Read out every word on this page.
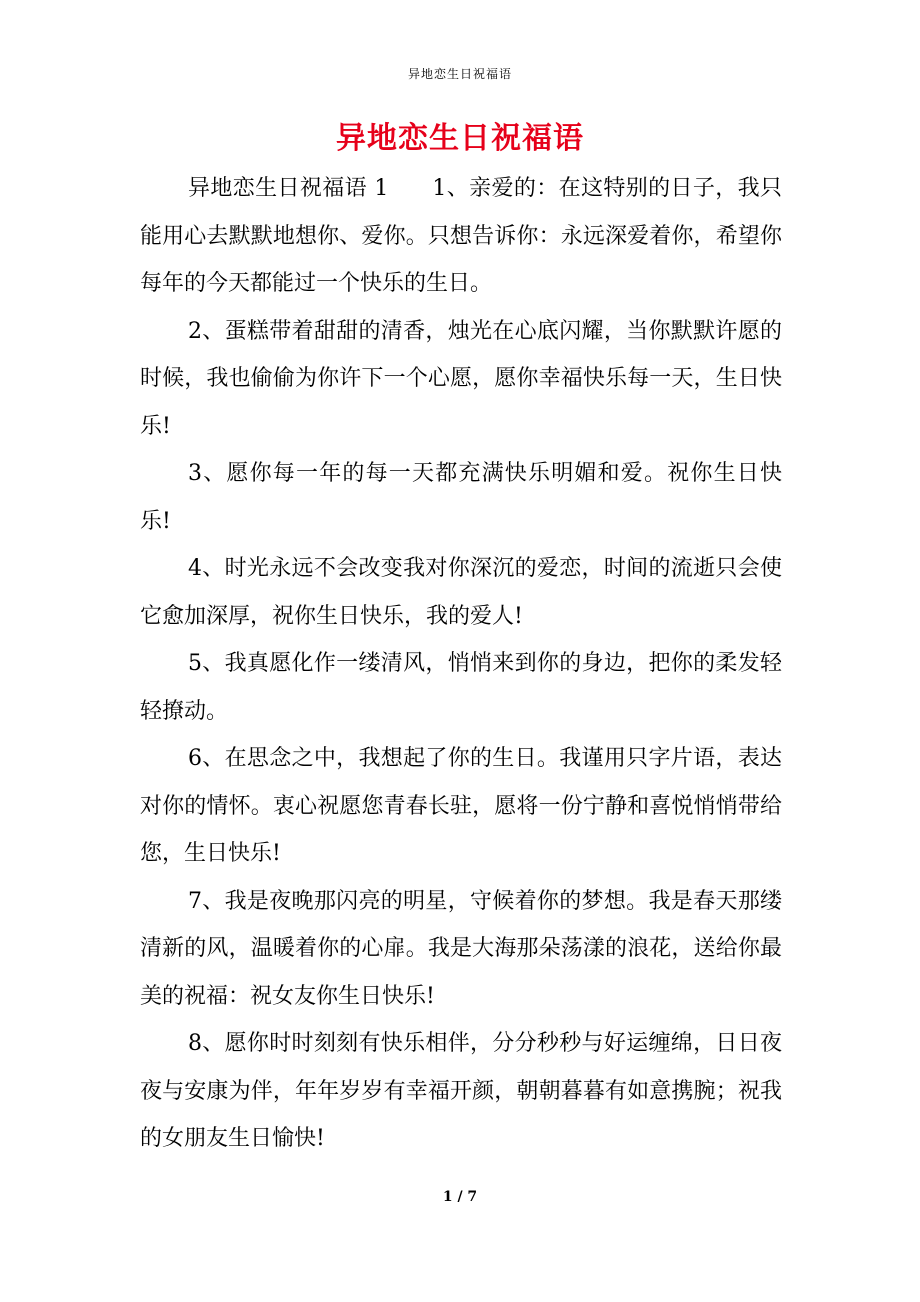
异地恋生日祝福语
异地恋生日祝福语

异地恋生日祝福语 1 1、亲爱的：在这特别的日子，我只能用心去默默地想你、爱你。只想告诉你：永远深爱着你，希望你每年的今天都能过一个快乐的生日。

2、蛋糕带着甜甜的清香，烛光在心底闪耀，当你默默许愿的时候，我也偷偷为你许下一个心愿，愿你幸福快乐每一天，生日快乐!

3、愿你每一年的每一天都充满快乐明媚和爱。祝你生日快乐!

4、时光永远不会改变我对你深沉的爱恋，时间的流逝只会使它愈加深厚，祝你生日快乐，我的爱人!

5、我真愿化作一缕清风，悄悄来到你的身边，把你的柔发轻轻撩动。

6、在思念之中，我想起了你的生日。我谨用只字片语，表达对你的情怀。衷心祝愿您青春长驻，愿将一份宁静和喜悦悄悄带给您，生日快乐!

7、我是夜晚那闪亮的明星，守候着你的梦想。我是春天那缕清新的风，温暖着你的心扉。我是大海那朵荡漾的浪花，送给你最美的祝福：祝女友你生日快乐!

8、愿你时时刻刻有快乐相伴，分分秒秒与好运缠绵，日日夜夜与安康为伴，年年岁岁有幸福开颜，朝朝暮暮有如意携腕；祝我的女朋友生日愉快!

1 / 7
